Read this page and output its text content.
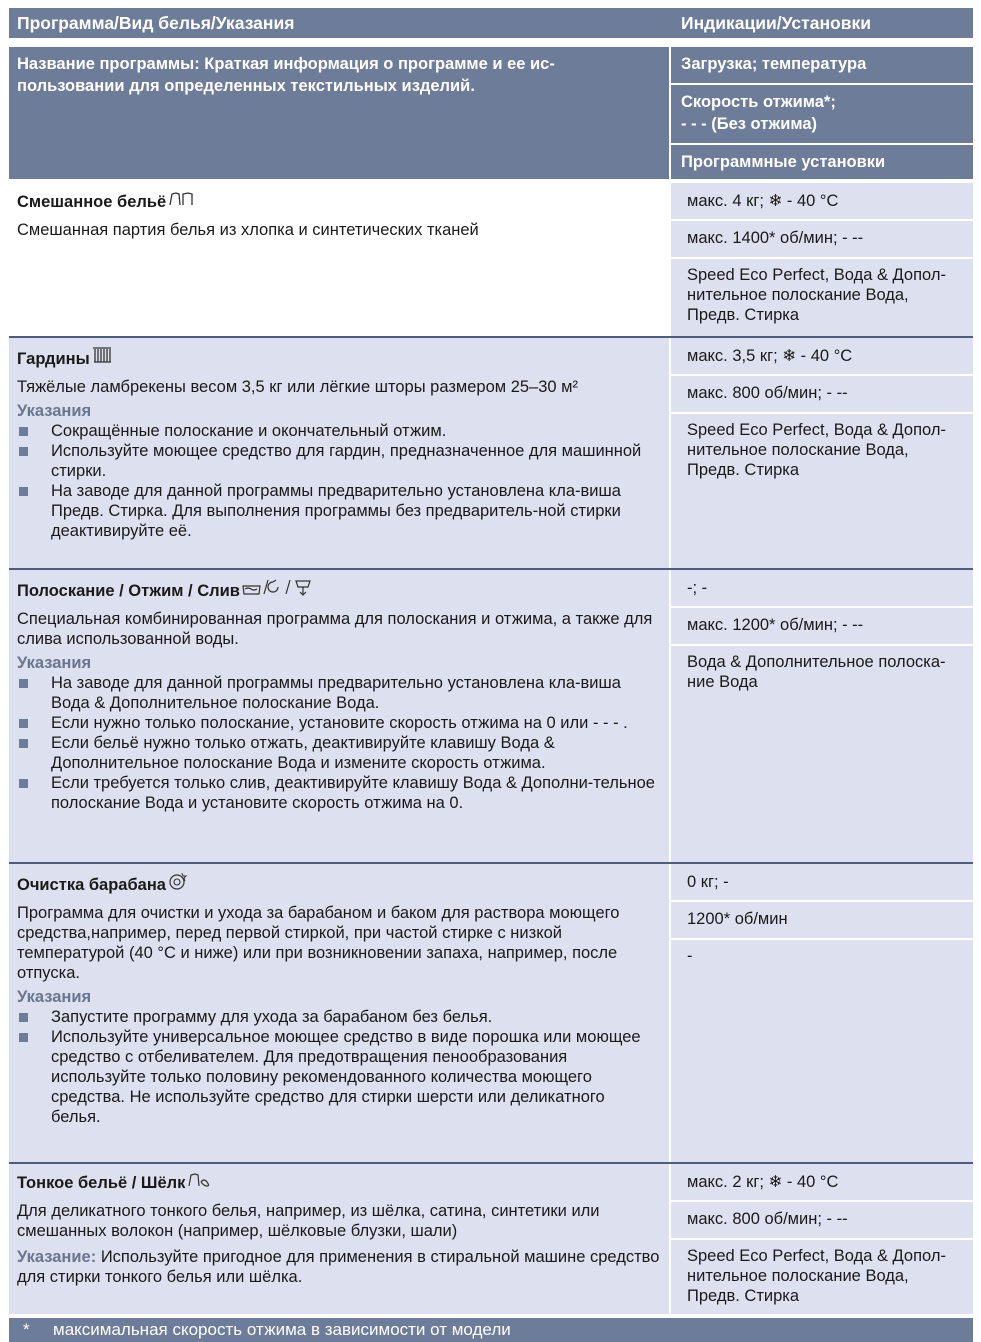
Программа/Вид белья/Указания	Индикации/Установки
Название программы: Краткая информация о программе и ее ис-пользовании для определенных текстильных изделий.
Загрузка; температура
Скорость отжима*;
- - - (Без отжима)
Программные установки
Смешанное бельё
Смешанная партия белья из хлопка и синтетических тканей
макс. 4 кг; ❄ - 40 °C
макс. 1400* об/мин; - --
Speed Eco Perfect, Вода & Допол-нительное полоскание Вода, Предв. Стирка
Гардины
Тяжёлые ламбрекены весом 3,5 кг или лёгкие шторы размером 25–30 м²
Указания
Сокращённые полоскание и окончательный отжим.
Используйте моющее средство для гардин, предназначенное для машинной стирки.
На заводе для данной программы предварительно установлена кла-виша Предв. Стирка. Для выполнения программы без предваритель-ной стирки деактивируйте её.
макс. 3,5 кг; ❄ - 40 °C
макс. 800 об/мин; - --
Speed Eco Perfect, Вода & Допол-нительное полоскание Вода, Предв. Стирка
Полоскание / Отжим / Слив
Специальная комбинированная программа для полоскания и отжима, а также для слива использованной воды.
Указания
На заводе для данной программы предварительно установлена кла-виша Вода & Дополнительное полоскание Вода.
Если нужно только полоскание, установите скорость отжима на 0 или - - - .
Если бельё нужно только отжать, деактивируйте клавишу Вода & Дополнительное полоскание Вода и измените скорость отжима.
Если требуется только слив, деактивируйте клавишу Вода & Дополни-тельное полоскание Вода и установите скорость отжима на 0.
-; -
макс. 1200* об/мин; - --
Вода & Дополнительное полоска-ние Вода
Очистка барабана
Программа для очистки и ухода за барабаном и баком для раствора моющего средства,например, перед первой стиркой, при частой стирке с низкой температурой (40 °C и ниже) или при возникновении запаха, например, после отпуска.
Указания
Запустите программу для ухода за барабаном без белья.
Используйте универсальное моющее средство в виде порошка или моющее средство с отбеливателем. Для предотвращения пенообразования используйте только половину рекомендованного количества моющего средства. Не используйте средство для стирки шерсти или деликатного белья.
0 кг; -
1200* об/мин
-
Тонкое бельё / Шёлк
Для деликатного тонкого белья, например, из шёлка, сатина, синтетики или смешанных волокон (например, шёлковые блузки, шали)
Указание: Используйте пригодное для применения в стиральной машине средство для стирки тонкого белья или шёлка.
макс. 2 кг; ❄ - 40 °C
макс. 800 об/мин; - --
Speed Eco Perfect, Вода & Допол-нительное полоскание Вода, Предв. Стирка
* максимальная скорость отжима в зависимости от модели
